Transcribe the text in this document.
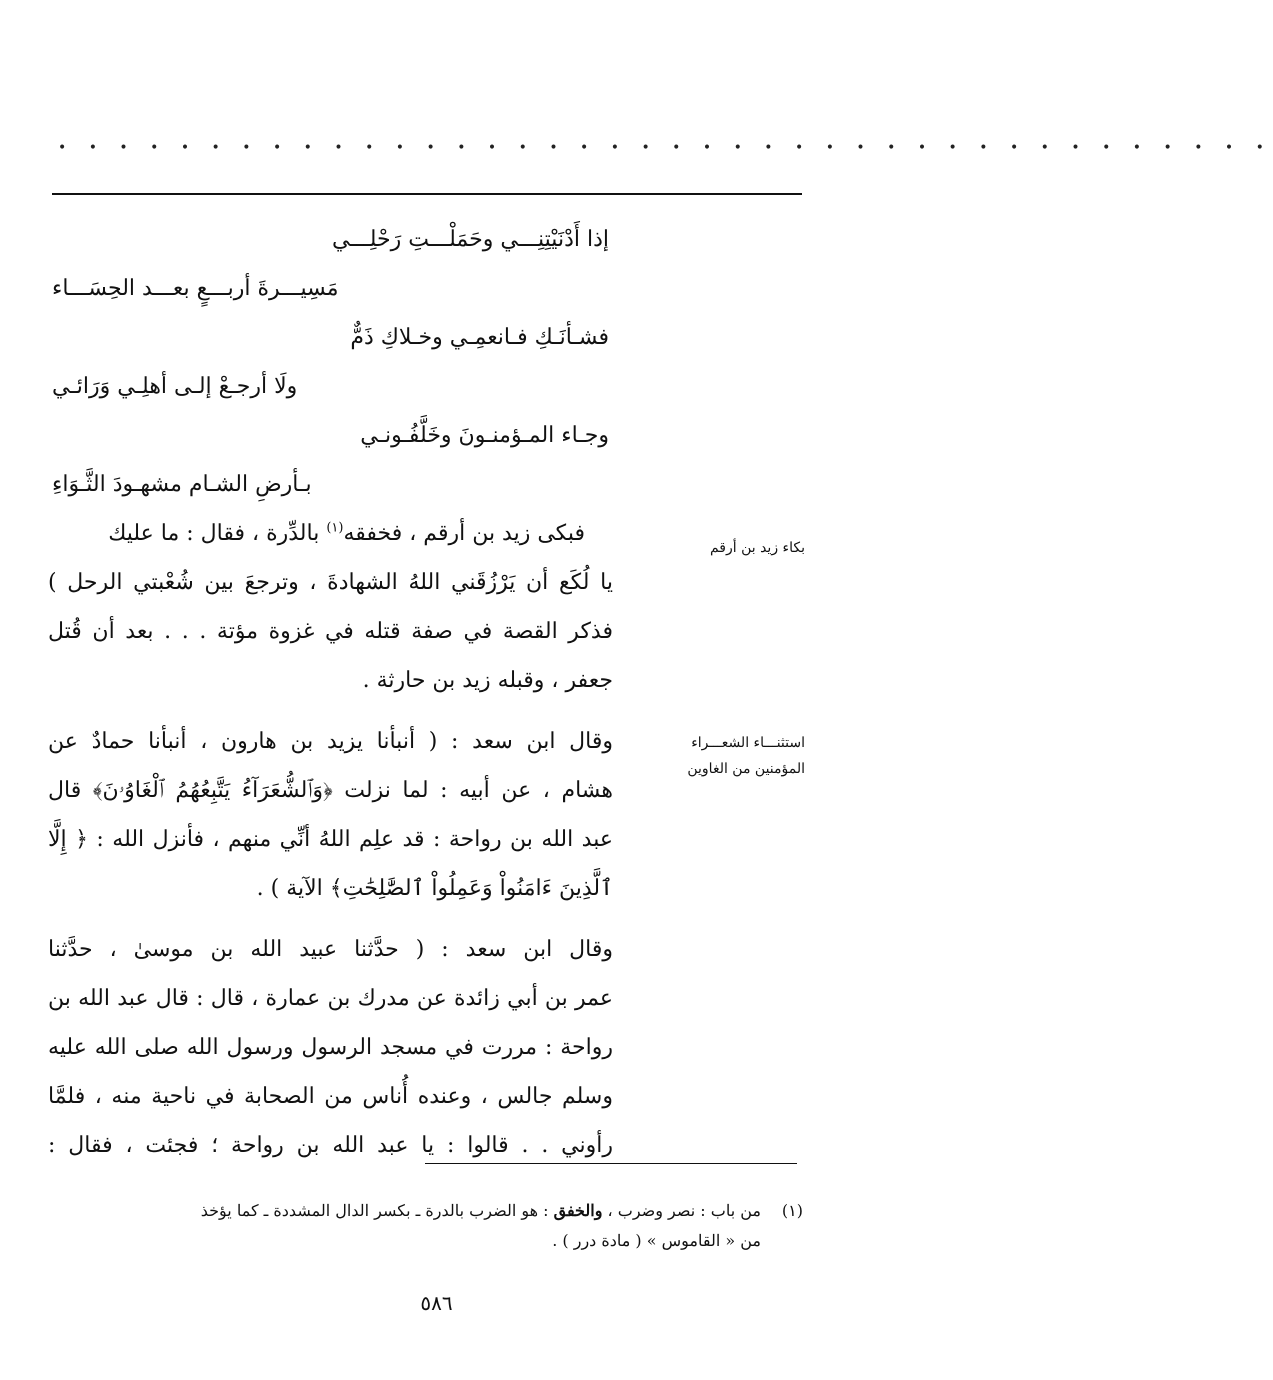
• • • • • • • • • • • • • • • • • • • • • • • • • • • • • • • • • • • • • • • •
إذا أَدْنَيْتِنِـــي وحَمَلْـــتِ رَحْلِـــي
مَسِيـــرةَ أربـــعٍ بعـــد الحِسَـــاء
فشـأنَـكِ فـانعمِـي وخـلاكِ ذَمٌّ
ولَا أرجـعْ إلـى أهلِـي وَرَائـي
وجـاء المـؤمنـونَ وخَلَّفُـونـي
بـأرضِ الشـام مشهـودَ الثَّـوَاءِ
فبكى زيد بن أرقم ، فخفقه$^{(١)}$ بالدِّرة ، فقال : ما عليك
يا لُكَع أن يَرْزُقَني اللهُ الشهادةَ ، وترجعَ بين شُعْبتي الرحل )
فذكر القصة في صفة قتله في غزوة مؤتة . . . بعد أن قُتل
جعفر ، وقبله زيد بن حارثة .
وقال ابن سعد : ( أنبأنا يزيد بن هارون ، أنبأنا حمادٌ عن
هشام ، عن أبيه : لما نزلت ﴿وَٱلشُّعَرَآءُ يَتَّبِعُهُمُ ٱلْغَاوُۥنَ﴾ قال
عبد الله بن رواحة : قد علِم اللهُ أنِّي منهم ، فأنزل الله : ﴿ إِلَّا
ٱلَّذِينَ ءَامَنُواْ وَعَمِلُواْ ٱلصَّٰلِحَٰتِ﴾ الآية ) .
وقال ابن سعد : ( حدَّثنا عبيد الله بن موسىٰ ، حدَّثنا
عمر بن أبي زائدة عن مدرك بن عمارة ، قال : قال عبد الله بن
رواحة : مررت في مسجد الرسول ورسول الله صلى الله عليه
وسلم جالس ، وعنده أُناس من الصحابة في ناحية منه ، فلمَّا
رأوني . . قالوا : يا عبد الله بن رواحة ؛ فجئت ، فقال :
بكاء زيد بن أرقم
استثنـــاء الشعـــراء
المؤمنين من الغاوين
(١)من باب : نصر وضرب ، والخفق : هو الضرب بالدرة ـ بكسر الدال المشددة ـ كما يؤخذ
من « القاموس » ( مادة درر ) .
٥٨٦
